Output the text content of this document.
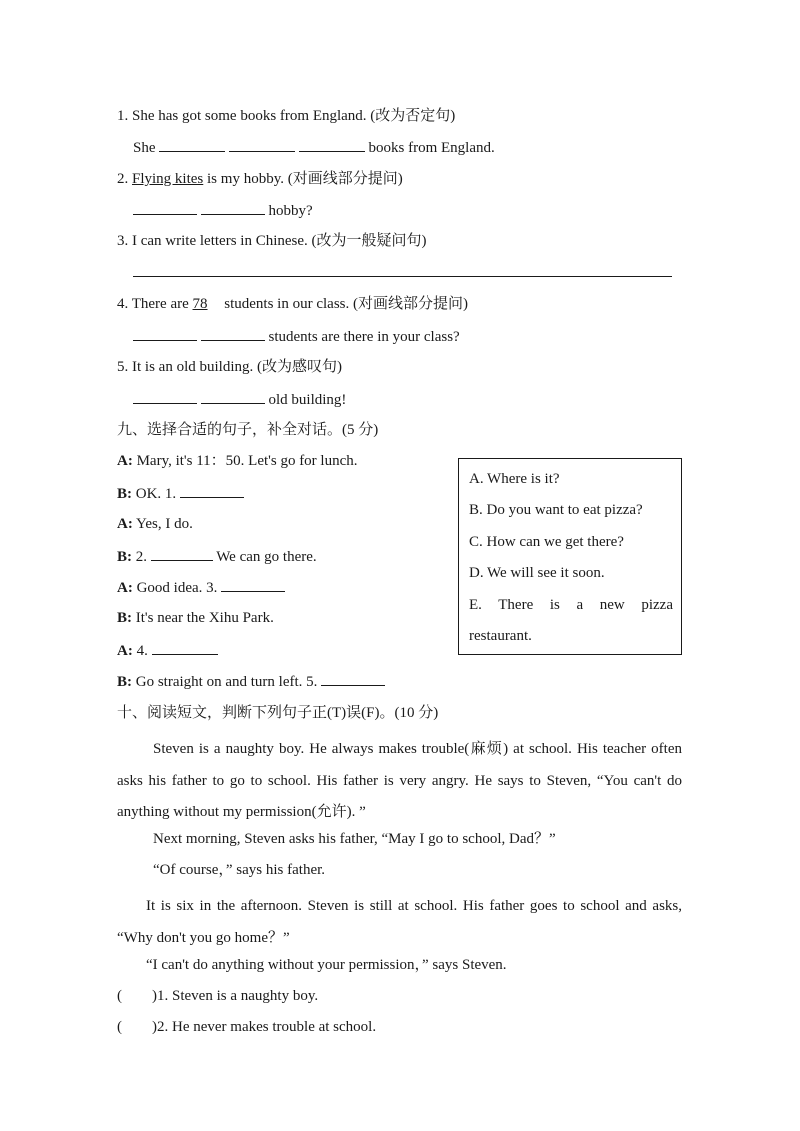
1. She has got some books from England. (改为否定句)
She	books from England.
2. Flying kites is my hobby. (对画线部分提问)
hobby?
3. I can write letters in Chinese. (改为一般疑问句)
4. There are 78 students in our class. (对画线部分提问)
students are there in your class?
5. It is an old building. (改为感叹句)
old building!
九、选择合适的句子，补全对话。(5 分)
A: Mary, it's 11：50. Let's go for lunch.
B: OK. 1.
A: Yes, I do.
B: 2.	We can go there.
A: Good idea. 3.
B: It's near the Xihu Park.
A: 4.
B: Go straight on and turn left. 5.
A. Where is it?
B. Do you want to eat pizza?
C. How can we get there?
D. We will see it soon.
E. There is a new pizza
restaurant.
十、阅读短文，判断下列句子正(T)误(F)。(10 分)
Steven is a naughty boy. He always makes trouble(麻烦) at school. His teacher often asks his father to go to school. His father is very angry. He says to Steven, “You can't do anything without my permission(允许). ”
Next morning, Steven asks his father, “May I go to school, Dad？”
“Of course，” says his father.
It is six in the afternoon. Steven is still at school. His father goes to school and asks, “Why don't you go home？”
“I can't do anything without your permission，” says Steven.
(        )1. Steven is a naughty boy.
(        )2. He never makes trouble at school.
